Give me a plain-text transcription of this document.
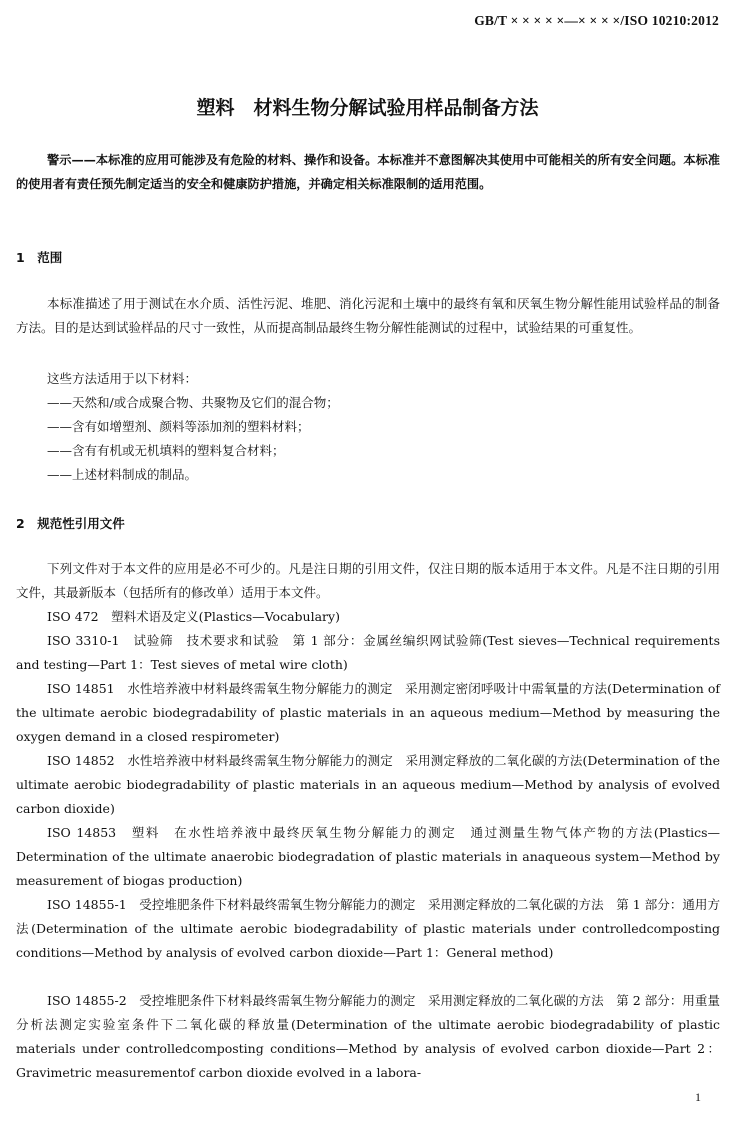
GB/T × × × × ×—× × × ×/ISO 10210:2012
塑料　材料生物分解试验用样品制备方法
警示——本标准的应用可能涉及有危险的材料、操作和设备。本标准并不意图解决其使用中可能相关的所有安全问题。本标准的使用者有责任预先制定适当的安全和健康防护措施，并确定相关标准限制的适用范围。
1　范围
本标准描述了用于测试在水介质、活性污泥、堆肥、消化污泥和土壤中的最终有氧和厌氧生物分解性能用试验样品的制备方法。目的是达到试验样品的尺寸一致性，从而提高制品最终生物分解性能测试的过程中，试验结果的可重复性。
这些方法适用于以下材料：
——天然和/或合成聚合物、共聚物及它们的混合物；
——含有如增塑剂、颜料等添加剂的塑料材料；
——含有有机或无机填料的塑料复合材料；
——上述材料制成的制品。
2　规范性引用文件
下列文件对于本文件的应用是必不可少的。凡是注日期的引用文件，仅注日期的版本适用于本文件。凡是不注日期的引用文件，其最新版本（包括所有的修改单）适用于本文件。
ISO 472　塑料术语及定义(Plastics—Vocabulary)
ISO 3310-1　试验筛　技术要求和试验　第 1 部分：金属丝编织网试验筛(Test sieves—Technical requirements and testing—Part 1：Test sieves of metal wire cloth)
ISO 14851　水性培养液中材料最终需氧生物分解能力的测定　采用测定密闭呼吸计中需氧量的方法(Determination of the ultimate aerobic biodegradability of plastic materials in an aqueous medium—Method by measuring the oxygen demand in a closed respirometer)
ISO 14852　水性培养液中材料最终需氧生物分解能力的测定　采用测定释放的二氧化碳的方法(Determination of the ultimate aerobic biodegradability of plastic materials in an aqueous medium—Method by analysis of evolved carbon dioxide)
ISO 14853　塑料　在水性培养液中最终厌氧生物分解能力的测定　通过测量生物气体产物的方法(Plastics—Determination of the ultimate anaerobic biodegradation of plastic materials in anaqueous system—Method by measurement of biogas production)
ISO 14855-1　受控堆肥条件下材料最终需氧生物分解能力的测定　采用测定释放的二氧化碳的方法　第 1 部分：通用方法(Determination of the ultimate aerobic biodegradability of plastic materials under controlledcomposting conditions—Method by analysis of evolved carbon dioxide—Part 1：General method)
ISO 14855-2　受控堆肥条件下材料最终需氧生物分解能力的测定　采用测定释放的二氧化碳的方法　第 2 部分：用重量分析法测定实验室条件下二氧化碳的释放量(Determination of the ultimate aerobic biodegradability of plastic materials under controlledcomposting conditions—Method by analysis of evolved carbon dioxide—Part 2：Gravimetric measurementof carbon dioxide evolved in a labora-
1
